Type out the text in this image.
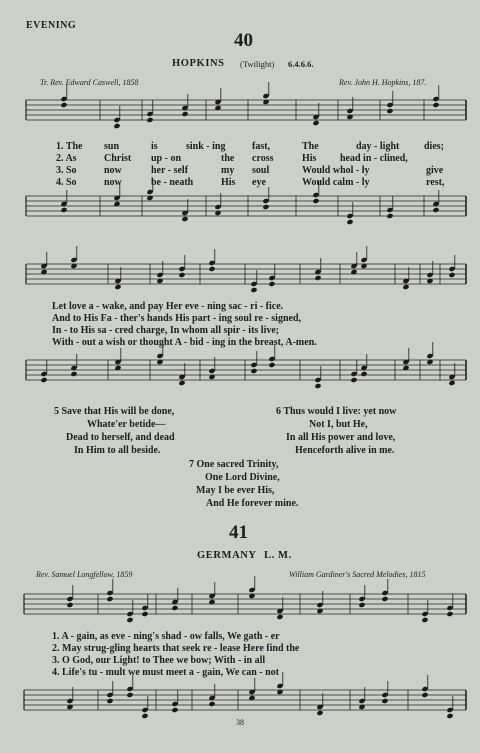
EVENING
40
HOPKINS (Twilight) 6.4.6.6.
Tr. Rev. Edward Caswell, 1858	Rev. John H. Hopkins, 187.
1. The sun	is	sink - ing	fast,	The	day - light dies;
2. As	Christ up - on	the cross	His head in - clined,
3. So	now	her - self	my soul	Would whol - ly	give
4. So	now	be - neath	His eye	Would calm - ly	rest,
Let love a - wake, and pay Her eve - ning sac - ri - fice.
And to His Fa - ther's hands His part - ing soul re - signed,
In - to His sa - cred charge, In whom all spir - its live;
With - out a wish or thought A - bid - ing in the breast, A-men.
5 Save that His will be done,
Whate'er betide—
Dead to herself, and dead
In Him to all beside.
6 Thus would I live: yet now
Not I, but He,
In all His power and love,
Henceforth alive in me.
7 One sacred Trinity,
One Lord Divine,
May I be ever His,
And He forever mine.
41
GERMANY L. M.
Rev. Samuel Longfellow, 1859	William Gardiner's Sacred Melodies, 1815
1. A - gain, as eve - ning's shad - ow falls, We gath - er
2. May strug-gling hearts that seek re - lease Here find the
3. O God, our Light! to Thee we bow; With - in all
4. Life's tu - mult we must meet a - gain, We can - not
38
